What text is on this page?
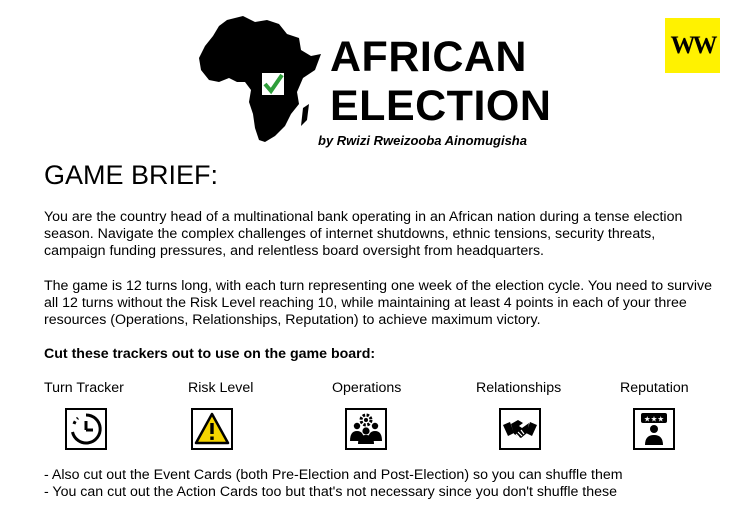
AFRICAN
ELECTION
by Rwizi Rweizooba Ainomugisha
WW
GAME BRIEF:
You are the country head of a multinational bank operating in an African nation during a tense election season. Navigate the complex challenges of internet shutdowns, ethnic tensions, security threats, campaign funding pressures, and relentless board oversight from headquarters.
The game is 12 turns long, with each turn representing one week of the election cycle. You need to survive all 12 turns without the Risk Level reaching 10, while maintaining at least 4 points in each of your three resources (Operations, Relationships, Reputation) to achieve maximum victory.
Cut these trackers out to use on the game board:
Turn Tracker	Risk Level	Operations	Relationships	Reputation
★★★
- Also cut out the Event Cards (both Pre-Election and Post-Election) so you can shuffle them
- You can cut out the Action Cards too but that's not necessary since you don't shuffle these
